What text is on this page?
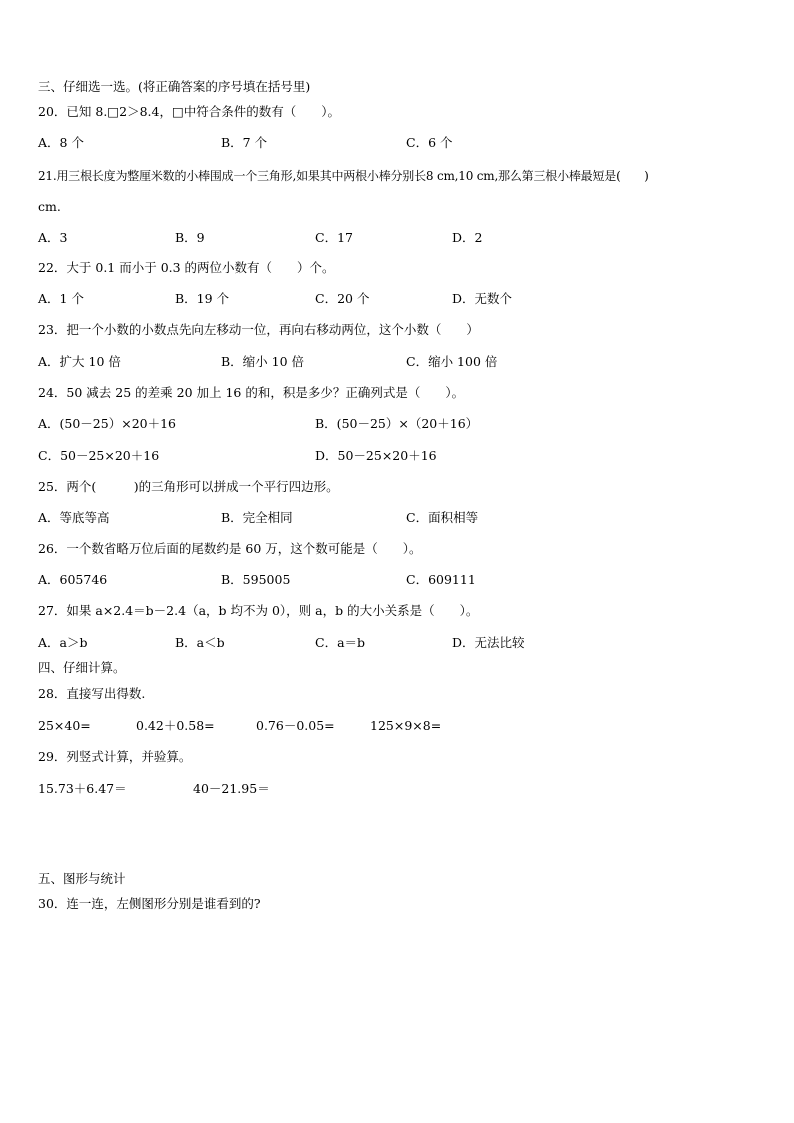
三、仔细选一选。(将正确答案的序号填在括号里)
20．已知 8.□2＞8.4，□中符合条件的数有（　　）。
A．8 个	B．7 个	C．6 个
21.用三根长度为整厘米数的小棒围成一个三角形,如果其中两根小棒分别长8 cm,10 cm,那么第三根小棒最短是(　　)
cm.
A．3	B．9	C．17	D．2
22．大于 0.1 而小于 0.3 的两位小数有（　　）个。
A．1 个	B．19 个	C．20 个	D．无数个
23．把一个小数的小数点先向左移动一位，再向右移动两位，这个小数（　　）
A．扩大 10 倍	B．缩小 10 倍	C．缩小 100 倍
24．50 减去 25 的差乘 20 加上 16 的和，积是多少？正确列式是（　　）。
A．(50－25）×20＋16	B．(50－25）×（20＋16）
C．50－25×20＋16	D．50－25×20＋16
25．两个(　　　)的三角形可以拼成一个平行四边形。
A．等底等高	B．完全相同	C．面积相等
26．一个数省略万位后面的尾数约是 60 万，这个数可能是（　　）。
A．605746	B．595005	C．609111
27．如果 a×2.4＝b－2.4（a，b 均不为 0），则 a，b 的大小关系是（　　）。
A．a＞b	B．a＜b	C．a＝b	D．无法比较
四、仔细计算。
28．直接写出得数.
25×40=	0.42＋0.58=	0.76－0.05=	125×9×8=
29．列竖式计算，并验算。
15.73＋6.47＝	40－21.95＝
五、图形与统计
30．连一连，左侧图形分别是谁看到的?
